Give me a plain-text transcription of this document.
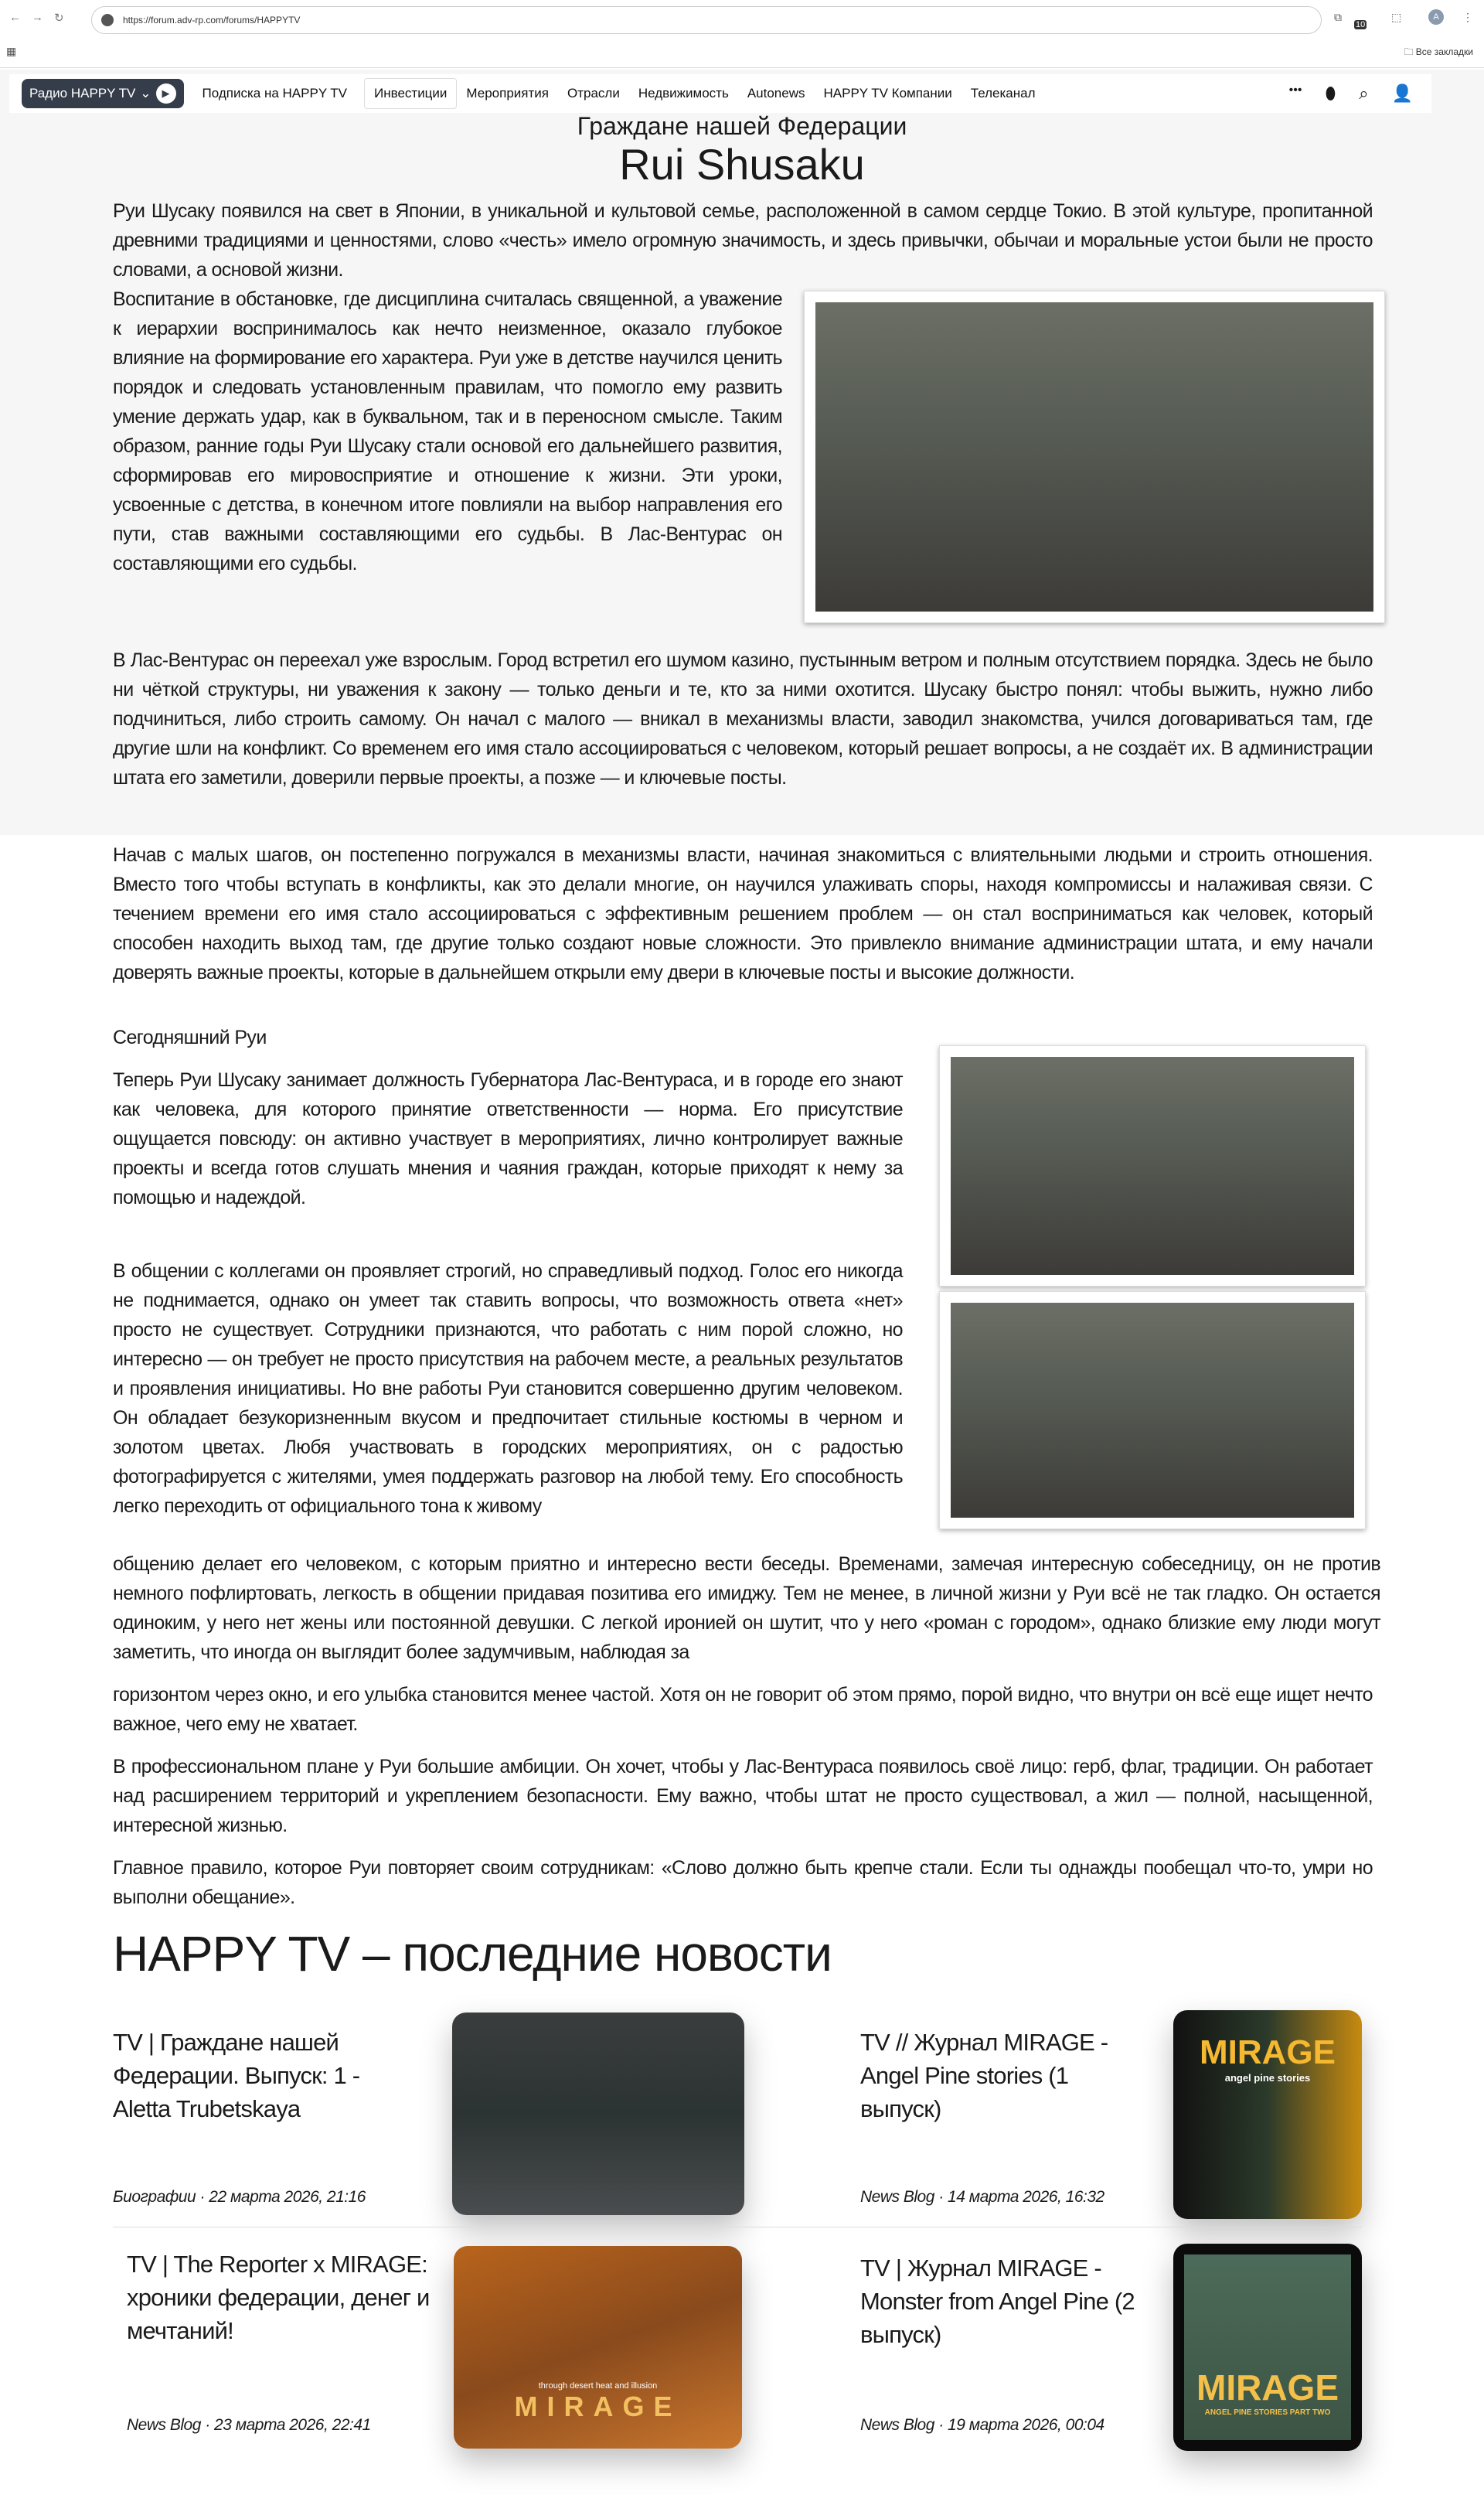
← → ↻	https://forum.adv-rp.com/forums/HAPPYTV	⧉
10
⬚	A	⋮
▦	🗀 Все закладки
Радио HAPPY TV ⌄	▶	Подписка на HAPPY TV	Инвестиции	Мероприятия Отрасли Недвижимость Autonews HAPPY TV Компании Телеканал	••• ⬮ ⌕ 👤
Граждане нашей Федерации
Rui Shusaku

Руи Шусаку появился на свет в Японии, в уникальной и культовой семье, расположенной в самом сердце Токио. В этой культуре, пропитанной древними традициями и ценностями, слово «честь» имело огромную значимость, и здесь привычки, обычаи и моральные устои были не просто словами, а основой жизни.

Воспитание в обстановке, где дисциплина считалась священной, а уважение к иерархии воспринималось как нечто неизменное, оказало глубокое влияние на формирование его характера. Руи уже в детстве научился ценить порядок и следовать установленным правилам, что помогло ему развить умение держать удар, как в буквальном, так и в переносном смысле. Таким образом, ранние годы Руи Шусаку стали основой его дальнейшего развития, сформировав его мировосприятие и отношение к жизни. Эти уроки, усвоенные с детства, в конечном итоге повлияли на выбор направления его пути, став важными составляющими его судьбы. В Лас-Вентурас он составляющими его судьбы.

В Лас-Вентурас он переехал уже взрослым. Город встретил его шумом казино, пустынным ветром и полным отсутствием порядка. Здесь не было ни чёткой структуры, ни уважения к закону — только деньги и те, кто за ними охотится. Шусаку быстро понял: чтобы выжить, нужно либо подчиниться, либо строить самому. Он начал с малого — вникал в механизмы власти, заводил знакомства, учился договариваться там, где другие шли на конфликт. Со временем его имя стало ассоциироваться с человеком, который решает вопросы, а не создаёт их. В администрации штата его заметили, доверили первые проекты, а позже — и ключевые посты.

Начав с малых шагов, он постепенно погружался в механизмы власти, начиная знакомиться с влиятельными людьми и строить отношения. Вместо того чтобы вступать в конфликты, как это делали многие, он научился улаживать споры, находя компромиссы и налаживая связи. С течением времени его имя стало ассоциироваться с эффективным решением проблем — он стал восприниматься как человек, который способен находить выход там, где другие только создают новые сложности. Это привлекло внимание администрации штата, и ему начали доверять важные проекты, которые в дальнейшем открыли ему двери в ключевые посты и высокие должности.

Сегодняшний Руи

Теперь Руи Шусаку занимает должность Губернатора Лас-Вентураса, и в городе его знают как человека, для которого принятие ответственности — норма. Его присутствие ощущается повсюду: он активно участвует в мероприятиях, лично контролирует важные проекты и всегда готов слушать мнения и чаяния граждан, которые приходят к нему за помощью и надеждой.

В общении с коллегами он проявляет строгий, но справедливый подход. Голос его никогда не поднимается, однако он умеет так ставить вопросы, что возможность ответа «нет» просто не существует. Сотрудники признаются, что работать с ним порой сложно, но интересно — он требует не просто присутствия на рабочем месте, а реальных результатов и проявления инициативы. Но вне работы Руи становится совершенно другим человеком. Он обладает безукоризненным вкусом и предпочитает стильные костюмы в черном и золотом цветах. Любя участвовать в городских мероприятиях, он с радостью фотографируется с жителями, умея поддержать разговор на любой тему. Его способность легко переходить от официального тона к живому

общению делает его человеком, с которым приятно и интересно вести беседы. Временами, замечая интересную собеседницу, он не против немного пофлиртовать, легкость в общении придавая позитива его имиджу. Тем не менее, в личной жизни у Руи всё не так гладко. Он остается одиноким, у него нет жены или постоянной девушки. С легкой иронией он шутит, что у него «роман с городом», однако близкие ему люди могут заметить, что иногда он выглядит более задумчивым, наблюдая за

горизонтом через окно, и его улыбка становится менее частой. Хотя он не говорит об этом прямо, порой видно, что внутри он всё еще ищет нечто важное, чего ему не хватает.

В профессиональном плане у Руи большие амбиции. Он хочет, чтобы у Лас-Вентураса появилось своё лицо: герб, флаг, традиции. Он работает над расширением территорий и укреплением безопасности. Ему важно, чтобы штат не просто существовал, а жил — полной, насыщенной, интересной жизнью.

Главное правило, которое Руи повторяет своим сотрудникам: «Слово должно быть крепче стали. Если ты однажды пообещал что-то, умри но выполни обещание».

HAPPY TV – последние новости
TV | Граждане нашей Федерации. Выпуск: 1 - Aletta Trubetskaya
Биографии · 22 марта 2026, 21:16
TV // Журнал MIRAGE - Angel Pine stories (1 выпуск)
News Blog · 14 марта 2026, 16:32
MIRAGE
angel pine stories
TV | The Reporter x MIRAGE: хроники федерации, денег и мечтаний!
News Blog · 23 марта 2026, 22:41
through desert heat and illusion
MIRAGE
TV | Журнал MIRAGE - Monster from Angel Pine (2 выпуск)
News Blog · 19 марта 2026, 00:04
MIRAGE
ANGEL PINE STORIES PART TWO
